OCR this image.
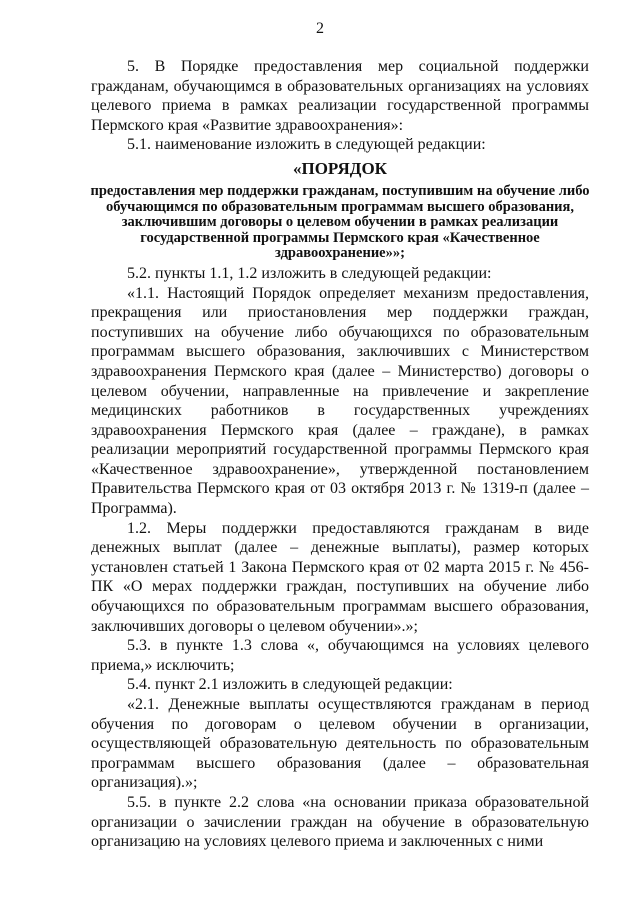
2

5. В Порядке предоставления мер социальной поддержки гражданам, обучающимся в образовательных организациях на условиях целевого приема в рамках реализации государственной программы Пермского края «Развитие здравоохранения»:

5.1. наименование изложить в следующей редакции:

«ПОРЯДОК

предоставления мер поддержки гражданам, поступившим на обучение либо обучающимся по образовательным программам высшего образования, заключившим договоры о целевом обучении в рамках реализации государственной программы Пермского края «Качественное здравоохранение»»;

5.2. пункты 1.1, 1.2 изложить в следующей редакции:

«1.1. Настоящий Порядок определяет механизм предоставления, прекращения или приостановления мер поддержки граждан, поступивших на обучение либо обучающихся по образовательным программам высшего образования, заключивших с Министерством здравоохранения Пермского края (далее – Министерство) договоры о целевом обучении, направленные на привлечение и закрепление медицинских работников в государственных учреждениях здравоохранения Пермского края (далее – граждане), в рамках реализации мероприятий государственной программы Пермского края «Качественное здравоохранение», утвержденной постановлением Правительства Пермского края от 03 октября 2013 г. № 1319-п (далее – Программа).

1.2. Меры поддержки предоставляются гражданам в виде денежных выплат (далее – денежные выплаты), размер которых установлен статьей 1 Закона Пермского края от 02 марта 2015 г. № 456-ПК «О мерах поддержки граждан, поступивших на обучение либо обучающихся по образовательным программам высшего образования, заключивших договоры о целевом обучении».»;

5.3. в пункте 1.3 слова «, обучающимся на условиях целевого приема,» исключить;

5.4. пункт 2.1 изложить в следующей редакции:

«2.1. Денежные выплаты осуществляются гражданам в период обучения по договорам о целевом обучении в организации, осуществляющей образовательную деятельность по образовательным программам высшего образования (далее – образовательная организация).»;

5.5. в пункте 2.2 слова «на основании приказа образовательной организации о зачислении граждан на обучение в образовательную организацию на условиях целевого приема и заключенных с ними
